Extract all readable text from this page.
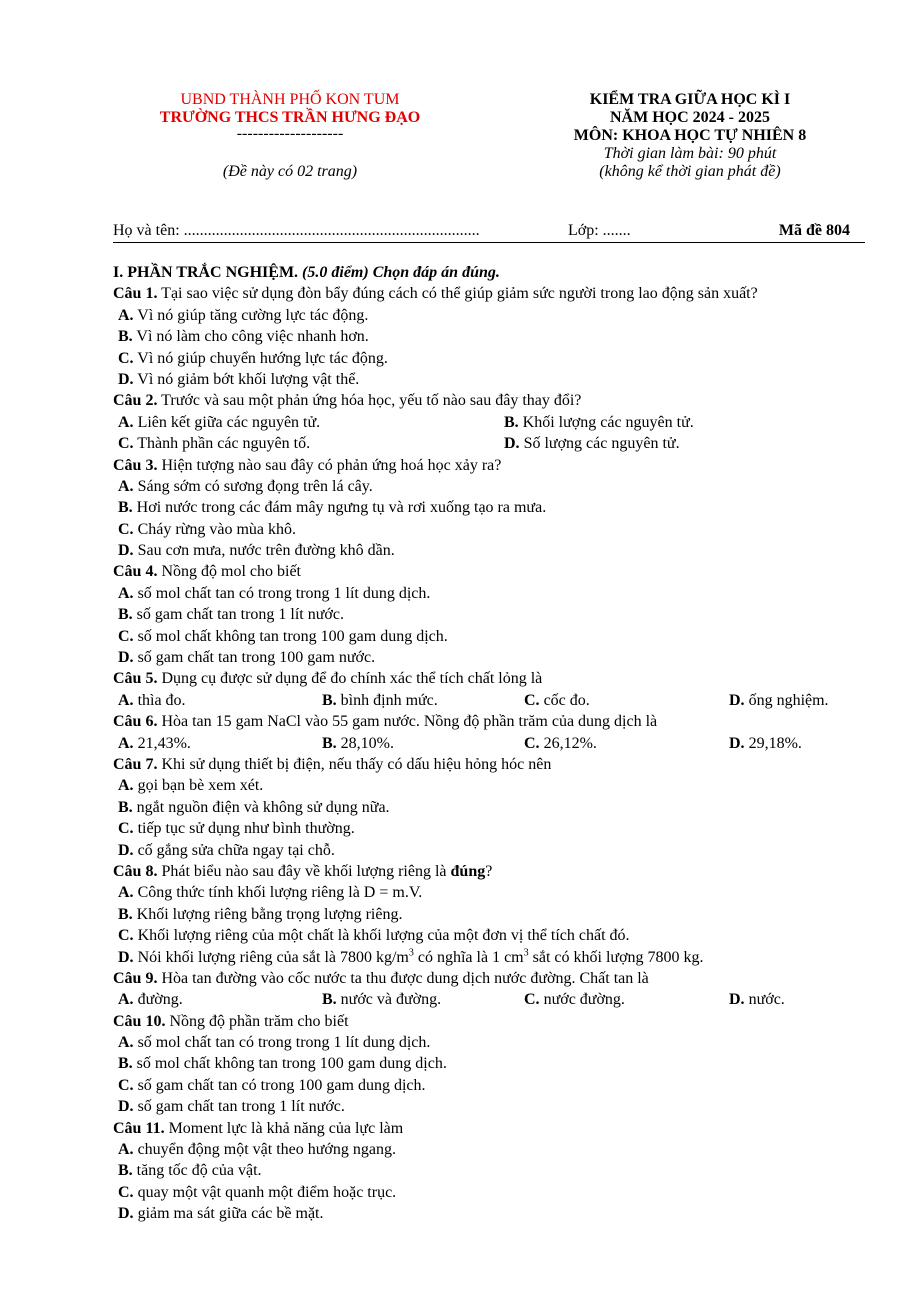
UBND THÀNH PHỐ KON TUM
TRƯỜNG THCS TRẦN HƯNG ĐẠO
--------------------
(Đề này có 02 trang)
KIỂM TRA GIỮA HỌC KÌ I
NĂM HỌC 2024 - 2025
MÔN: KHOA HỌC TỰ NHIÊN 8
Thời gian làm bài: 90 phút
(không kể thời gian phát đề)
Họ và tên: ..........................................................................	Lớp: .......	Mã đề 804
I. PHẦN TRẮC NGHIỆM. (5.0 điểm) Chọn đáp án đúng.
Câu 1. Tại sao việc sử dụng đòn bẩy đúng cách có thể giúp giảm sức người trong lao động sản xuất?
A. Vì nó giúp tăng cường lực tác động.
B. Vì nó làm cho công việc nhanh hơn.
C. Vì nó giúp chuyển hướng lực tác động.
D. Vì nó giảm bớt khối lượng vật thể.
Câu 2. Trước và sau một phản ứng hóa học, yếu tố nào sau đây thay đổi?
A. Liên kết giữa các nguyên tử.	B. Khối lượng các nguyên tử.
C. Thành phần các nguyên tố.	D. Số lượng các nguyên tử.
Câu 3. Hiện tượng nào sau đây có phản ứng hoá học xảy ra?
A. Sáng sớm có sương đọng trên lá cây.
B. Hơi nước trong các đám mây ngưng tụ và rơi xuống tạo ra mưa.
C. Cháy rừng vào mùa khô.
D. Sau cơn mưa, nước trên đường khô dần.
Câu 4. Nồng độ mol cho biết
A. số mol chất tan có trong trong 1 lít dung dịch.
B. số gam chất tan trong 1 lít nước.
C. số mol chất không tan trong 100 gam dung dịch.
D. số gam chất tan trong 100 gam nước.
Câu 5. Dụng cụ được sử dụng để đo chính xác thể tích chất lỏng là
A. thìa đo.	B. bình định mức.	C. cốc đo.	D. ống nghiệm.
Câu 6. Hòa tan 15 gam NaCl vào 55 gam nước. Nồng độ phần trăm của dung dịch là
A. 21,43%.	B. 28,10%.	C. 26,12%.	D. 29,18%.
Câu 7. Khi sử dụng thiết bị điện, nếu thấy có dấu hiệu hỏng hóc nên
A. gọi bạn bè xem xét.
B. ngắt nguồn điện và không sử dụng nữa.
C. tiếp tục sử dụng như bình thường.
D. cố gắng sửa chữa ngay tại chỗ.
Câu 8. Phát biểu nào sau đây về khối lượng riêng là đúng?
A. Công thức tính khối lượng riêng là D = m.V.
B. Khối lượng riêng bằng trọng lượng riêng.
C. Khối lượng riêng của một chất là khối lượng của một đơn vị thể tích chất đó.
D. Nói khối lượng riêng của sắt là 7800 $kg/m^3$ có nghĩa là 1 $cm^3$ sắt có khối lượng 7800 kg.
Câu 9. Hòa tan đường vào cốc nước ta thu được dung dịch nước đường. Chất tan là
A. đường.	B. nước và đường.	C. nước đường.	D. nước.
Câu 10. Nồng độ phần trăm cho biết
A. số mol chất tan có trong trong 1 lít dung dịch.
B. số mol chất không tan trong 100 gam dung dịch.
C. số gam chất tan có trong 100 gam dung dịch.
D. số gam chất tan trong 1 lít nước.
Câu 11. Moment lực là khả năng của lực làm
A. chuyển động một vật theo hướng ngang.
B. tăng tốc độ của vật.
C. quay một vật quanh một điểm hoặc trục.
D. giảm ma sát giữa các bề mặt.
